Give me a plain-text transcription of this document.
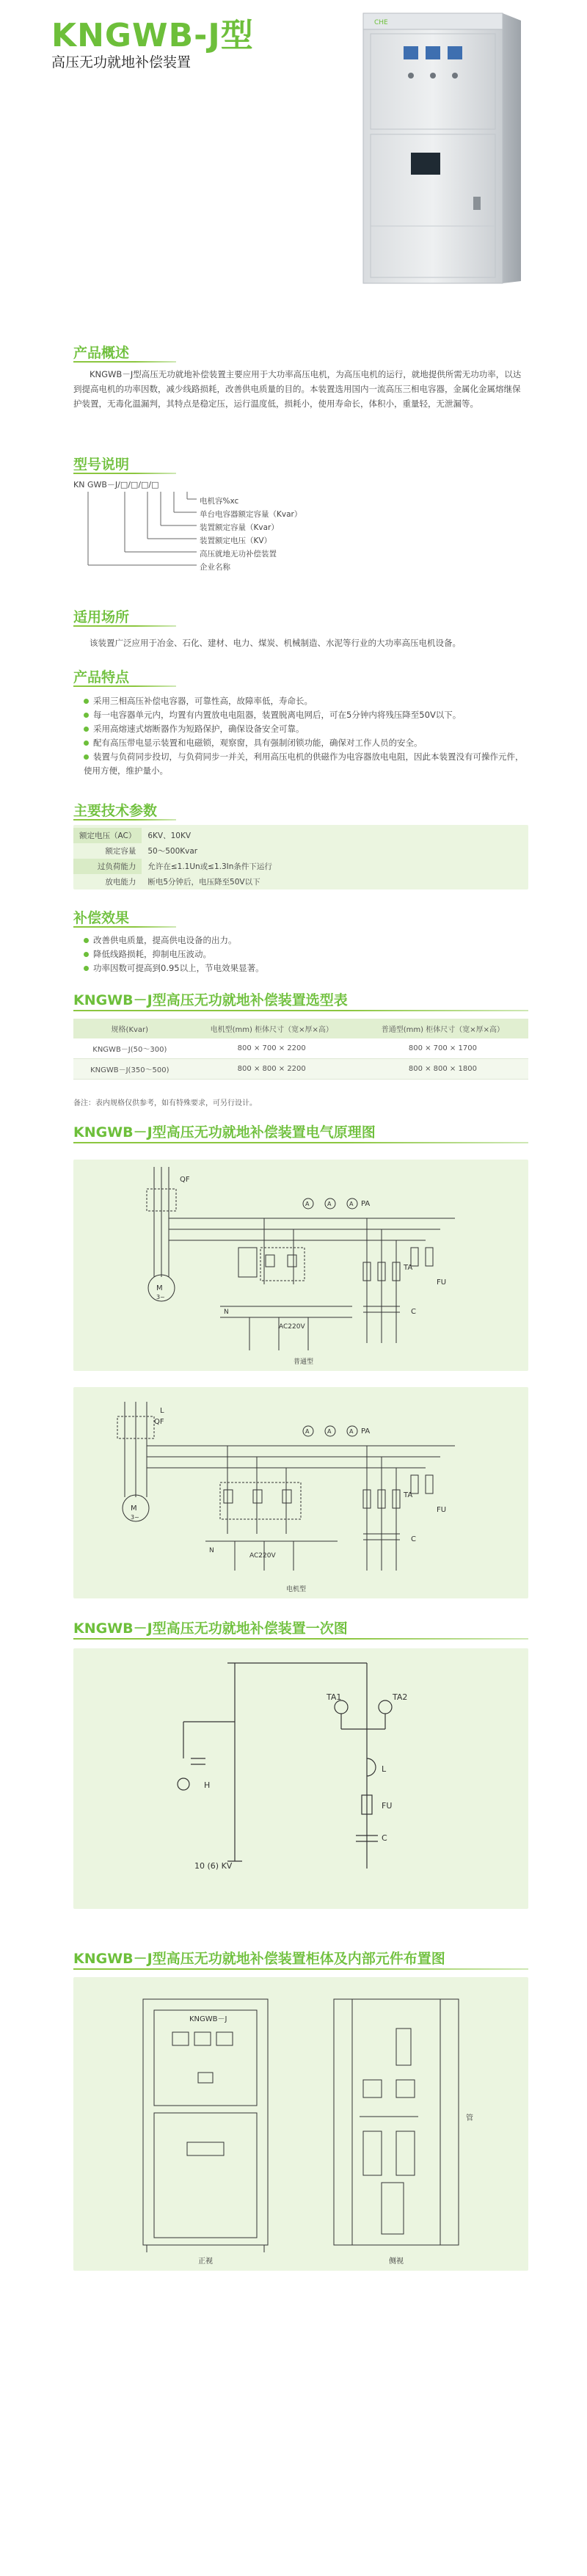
KNGWB-J型
高压无功就地补偿装置
CHE
产品概述
KNGWB－J型高压无功就地补偿装置主要应用于大功率高压电机，为高压电机的运行，就地提供所需无功功率，以达到提高电机的功率因数，减少线路损耗，改善供电质量的目的。本装置选用国内一流高压三相电容器，金属化金属熔继保护装置，无毒化温漏判，其特点是稳定压，运行温度低，损耗小，使用寿命长，体积小，重量轻，无泄漏等。
型号说明
KN GWB－J/□/□/□/□
电机容%xc
单台电容器额定容量（Kvar）
装置额定容量（Kvar）
装置额定电压（KV）
高压就地无功补偿装置
企业名称
适用场所
该装置广泛应用于冶金、石化、建材、电力、煤炭、机械制造、水泥等行业的大功率高压电机设备。
产品特点
采用三相高压补偿电容器，可靠性高，故障率低，寿命长。
每一电容器单元内，均置有内置放电电阻器，装置脱离电网后，可在5分钟内将残压降至50V以下。
采用高熔速式熔断器作为短路保护，确保设备安全可靠。
配有高压带电显示装置和电磁锁，观察窗，具有强制闭锁功能，确保对工作人员的安全。
装置与负荷同步投切，与负荷同步一并关，利用高压电机的供磁作为电容器放电电阻，因此本装置没有可操作元件，使用方便，维护量小。
主要技术参数
额定电压（AC）	6KV、10KV
额定容量	50～500Kvar
过负荷能力	允许在≤1.1Un或≤1.3In条件下运行
放电能力	断电5分钟后，电压降至50V以下
补偿效果
改善供电质量，提高供电设备的出力。
降低线路损耗，抑制电压波动。
功率因数可提高到0.95以上，节电效果显著。
KNGWB－J型高压无功就地补偿装置选型表
规格(Kvar)	电机型(mm) 柜体尺寸（宽×厚×高）	普通型(mm) 柜体尺寸（宽×厚×高）
KNGWB－J(50～300)	800 × 700 × 2200	800 × 700 × 1700
KNGWB－J(350～500)	800 × 800 × 2200	800 × 800 × 1800
备注：表内规格仅供参考，如有特殊要求，可另行设计。
KNGWB－J型高压无功就地补偿装置电气原理图
QF
M
3~
A	A	A PA
TA
FU
C
AC220V
N
普通型
QF
L
M
3~
A	A	A PA
TA
FU
C
AC220V
N
电机型
KNGWB－J型高压无功就地补偿装置一次图
TA1	TA2
H
L
FU
C
10 (6) KV
KNGWB－J型高压无功就地补偿装置柜体及内部元件布置图
KNGWB－J
正视	侧视
管
